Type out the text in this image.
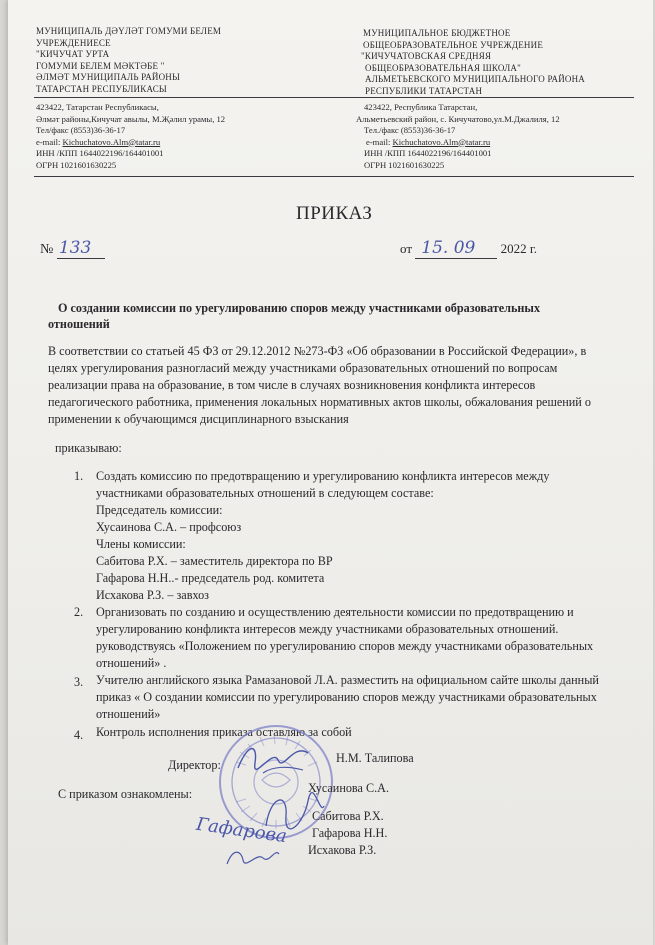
МУНИЦИПАЛЬ ДӘҮЛӘТ ГОМУМИ БЕЛЕМ
УЧРЕЖДЕНИЕСЕ
"КИЧУЧАТ УРТА
ГОМУМИ БЕЛЕМ МӘКТӘБЕ "
ӘЛМӘТ МУНИЦИПАЛЬ РАЙОНЫ
ТАТАРСТАН РЕСПУБЛИКАСЫ
МУНИЦИПАЛЬНОЕ БЮДЖЕТНОЕ
ОБЩЕОБРАЗОВАТЕЛЬНОЕ УЧРЕЖДЕНИЕ
"КИЧУЧАТОВСКАЯ СРЕДНЯЯ
ОБЩЕОБРАЗОВАТЕЛЬНАЯ ШКОЛА"
АЛЬМЕТЬЕВСКОГО МУНИЦИПАЛЬНОГО РАЙОНА
РЕСПУБЛИКИ ТАТАРСТАН
423422, Татарстан Республикасы,
Әлмәт районы,Кичучат авылы, М.Җәлил урамы, 12
Тел/факс (8553)36-36-17
e-mail: Kichuchatovo.Alm@tatar.ru
ИНН /КПП 1644022196/164401001
ОГРН 1021601630225
423422, Республика Татарстан,
Альметьевский район, с. Кичучатово,ул.М.Джалиля, 12
Тел./факс (8553)36-36-17
e-mail: Kichuchatovo.Alm@tatar.ru
ИНН /КПП 1644022196/164401001
ОГРН 1021601630225
ПРИКАЗ
№ 133	от 15. 09 2022 г.
О создании комиссии по урегулированию споров между участниками образовательных
отношений
В соответствии со статьей 45 ФЗ от 29.12.2012 №273-ФЗ «Об образовании в Российской Федерации», в
целях урегулирования разногласий между участниками образовательных отношений по вопросам
реализации права на образование, в том числе в случаях возникновения конфликта интересов
педагогического работника, применения локальных нормативных актов школы, обжалования решений о
применении к обучающимся дисциплинарного взыскания
приказываю:
1. Создать комиссию по предотвращению и урегулированию конфликта интересов между
участниками образовательных отношений в следующем составе:
Председатель комиссии:
Хусаинова С.А. – профсоюз
Члены комиссии:
Сабитова Р.Х. – заместитель директора по ВР
Гафарова Н.Н..- председатель род. комитета
Исхакова Р.З. – завхоз
2. Организовать по созданию и осуществлению деятельности комиссии по предотвращению и
урегулированию конфликта интересов между участниками образовательных отношений.
руководствуясь «Положением по урегулированию споров между участниками образовательных
отношений» .
3. Учителю английского языка Рамазановой Л.А. разместить на официальном сайте школы данный
приказ « О создании комиссии по урегулированию споров между участниками образовательных
отношений»
4. Контроль исполнения приказа оставляю за собой
Директор:	Н.М. Талипова
С приказом ознакомлены:	Хусаинова С.А.
Сабитова Р.Х.
Гафарова Н.Н.
Исхакова Р.З.
Гафарова
